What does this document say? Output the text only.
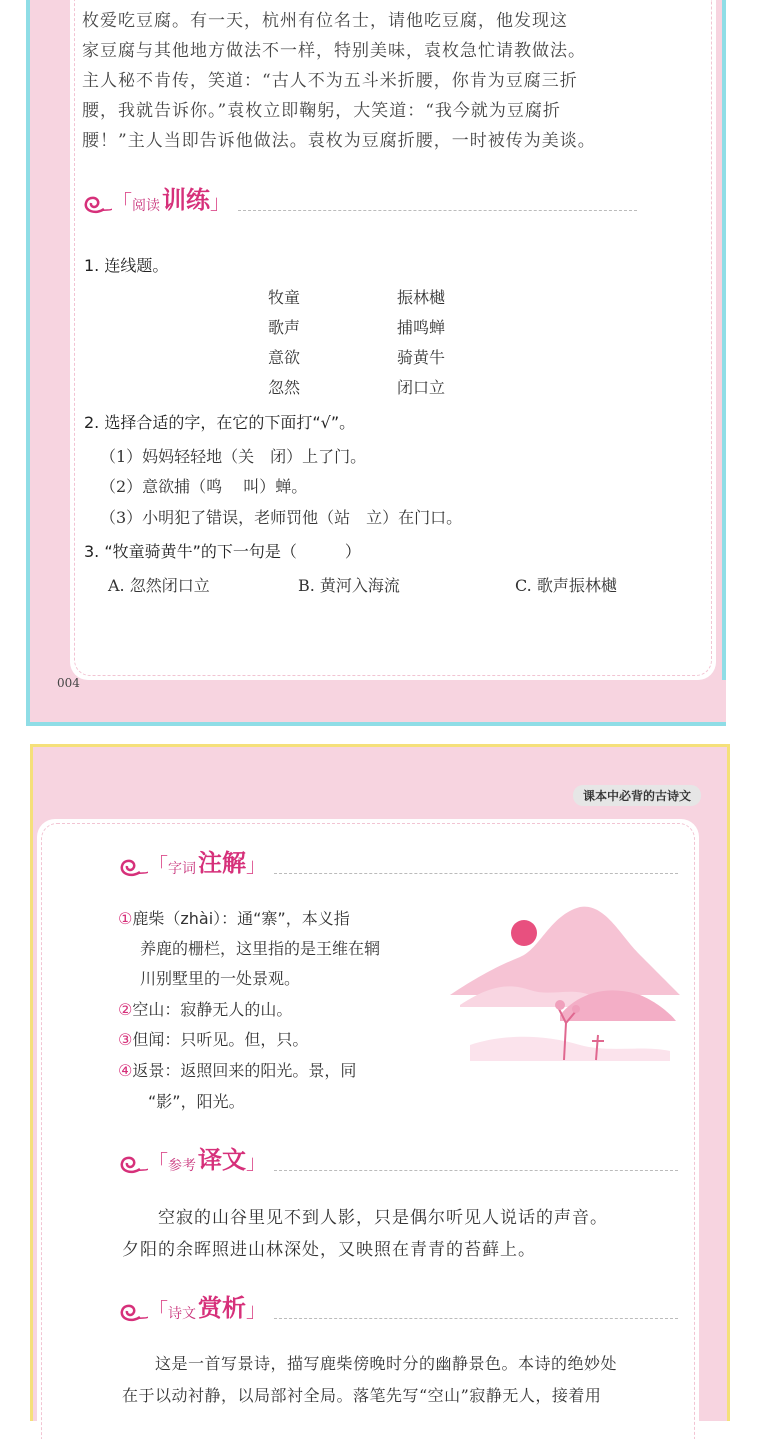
004

枚爱吃豆腐。有一天，杭州有位名士，请他吃豆腐，他发现这

家豆腐与其他地方做法不一样，特别美味，袁枚急忙请教做法。

主人秘不肯传，笑道：“古人不为五斗米折腰，你肯为豆腐三折

腰，我就告诉你。”袁枚立即鞠躬，大笑道：“我今就为豆腐折

腰！”主人当即告诉他做法。袁枚为豆腐折腰，一时被传为美谈。

「 阅读 训练 」
1. 连线题。
牧童
歌声
意欲
忽然
振林樾
捕鸣蝉
骑黄牛
闭口立
2. 选择合适的字，在它的下面打“√”。
（1）妈妈轻轻地（关　闭）上了门。
（2）意欲捕（鸣　 叫）蝉。
（3）小明犯了错误，老师罚他（站　立）在门口。
3. “牧童骑黄牛”的下一句是（　　　）
A. 忽然闭口立	B. 黄河入海流	C. 歌声振林樾
课本中必背的古诗文
「 字词 注解 」
①鹿柴（zhài）：通“寨”，本义指
养鹿的栅栏，这里指的是王维在辋
川别墅里的一处景观。
②空山：寂静无人的山。
③但闻：只听见。但，只。
④返景：返照回来的阳光。景，同
“影”，阳光。
「 参考 译文 」
　　空寂的山谷里见不到人影，只是偶尔听见人说话的声音。
夕阳的余晖照进山林深处，又映照在青青的苔藓上。
「 诗文 赏析 」
　　这是一首写景诗，描写鹿柴傍晚时分的幽静景色。本诗的绝妙处
在于以动衬静，以局部衬全局。落笔先写“空山”寂静无人，接着用
